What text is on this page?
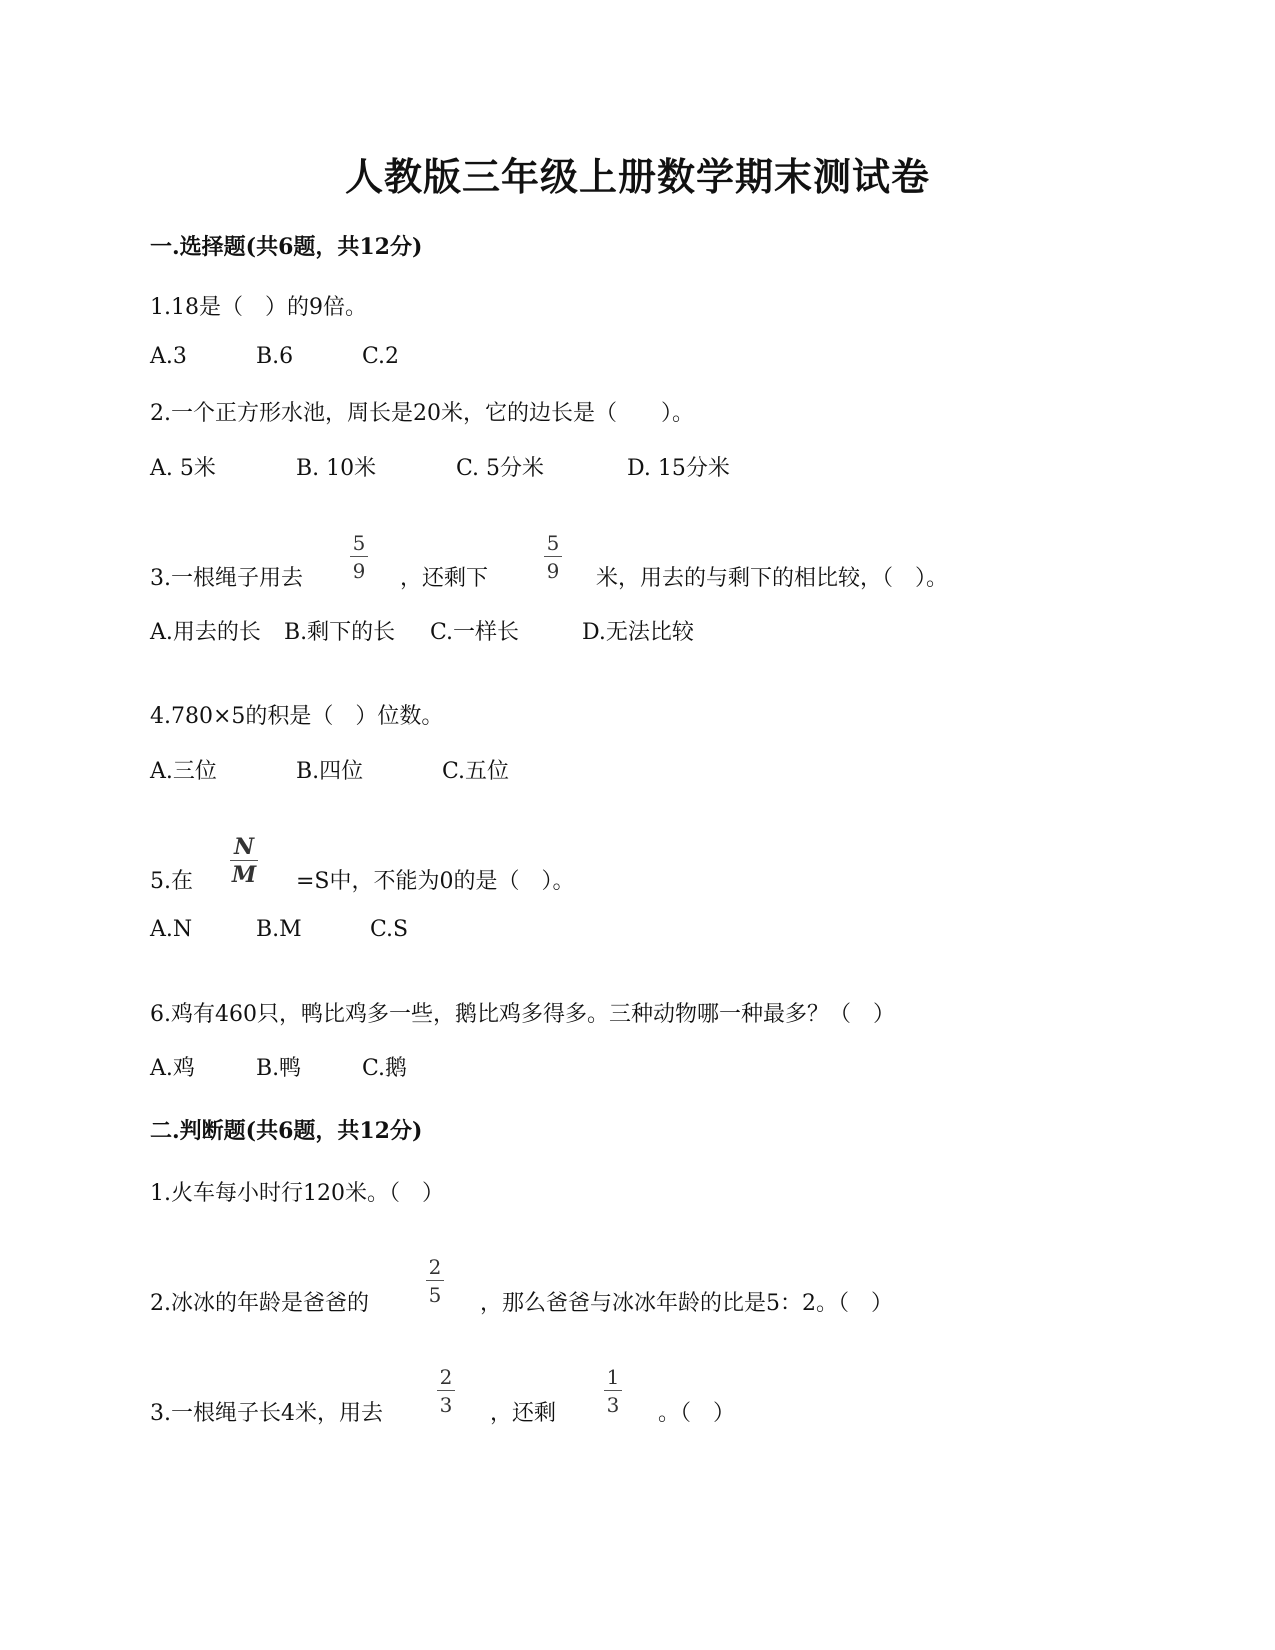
人教版三年级上册数学期末测试卷
一.选择题(共6题，共12分)
1.18是（　）的9倍。
A.3	B.6	C.2
2.一个正方形水池，周长是20米，它的边长是（　　）。
A. 5米	B. 10米	C. 5分米	D. 15分米
3.一根绳子用去
5
9 ，还剩下
5
9 米，用去的与剩下的相比较，（　）。
A.用去的长 B.剩下的长 C.一样长	D.无法比较
4.780×5的积是（　）位数。
A.三位	B.四位	C.五位
5.在
N
M =S中，不能为0的是（　）。
A.N	B.M	C.S
6.鸡有460只，鸭比鸡多一些，鹅比鸡多得多。三种动物哪一种最多？（　）
A.鸡	B.鸭	C.鹅
二.判断题(共6题，共12分)
1.火车每小时行120米。（　）
2.冰冰的年龄是爸爸的
2
5 ，那么爸爸与冰冰年龄的比是5：2。（　）
3.一根绳子长4米，用去
2
3 ，还剩
1
3 。（　）
